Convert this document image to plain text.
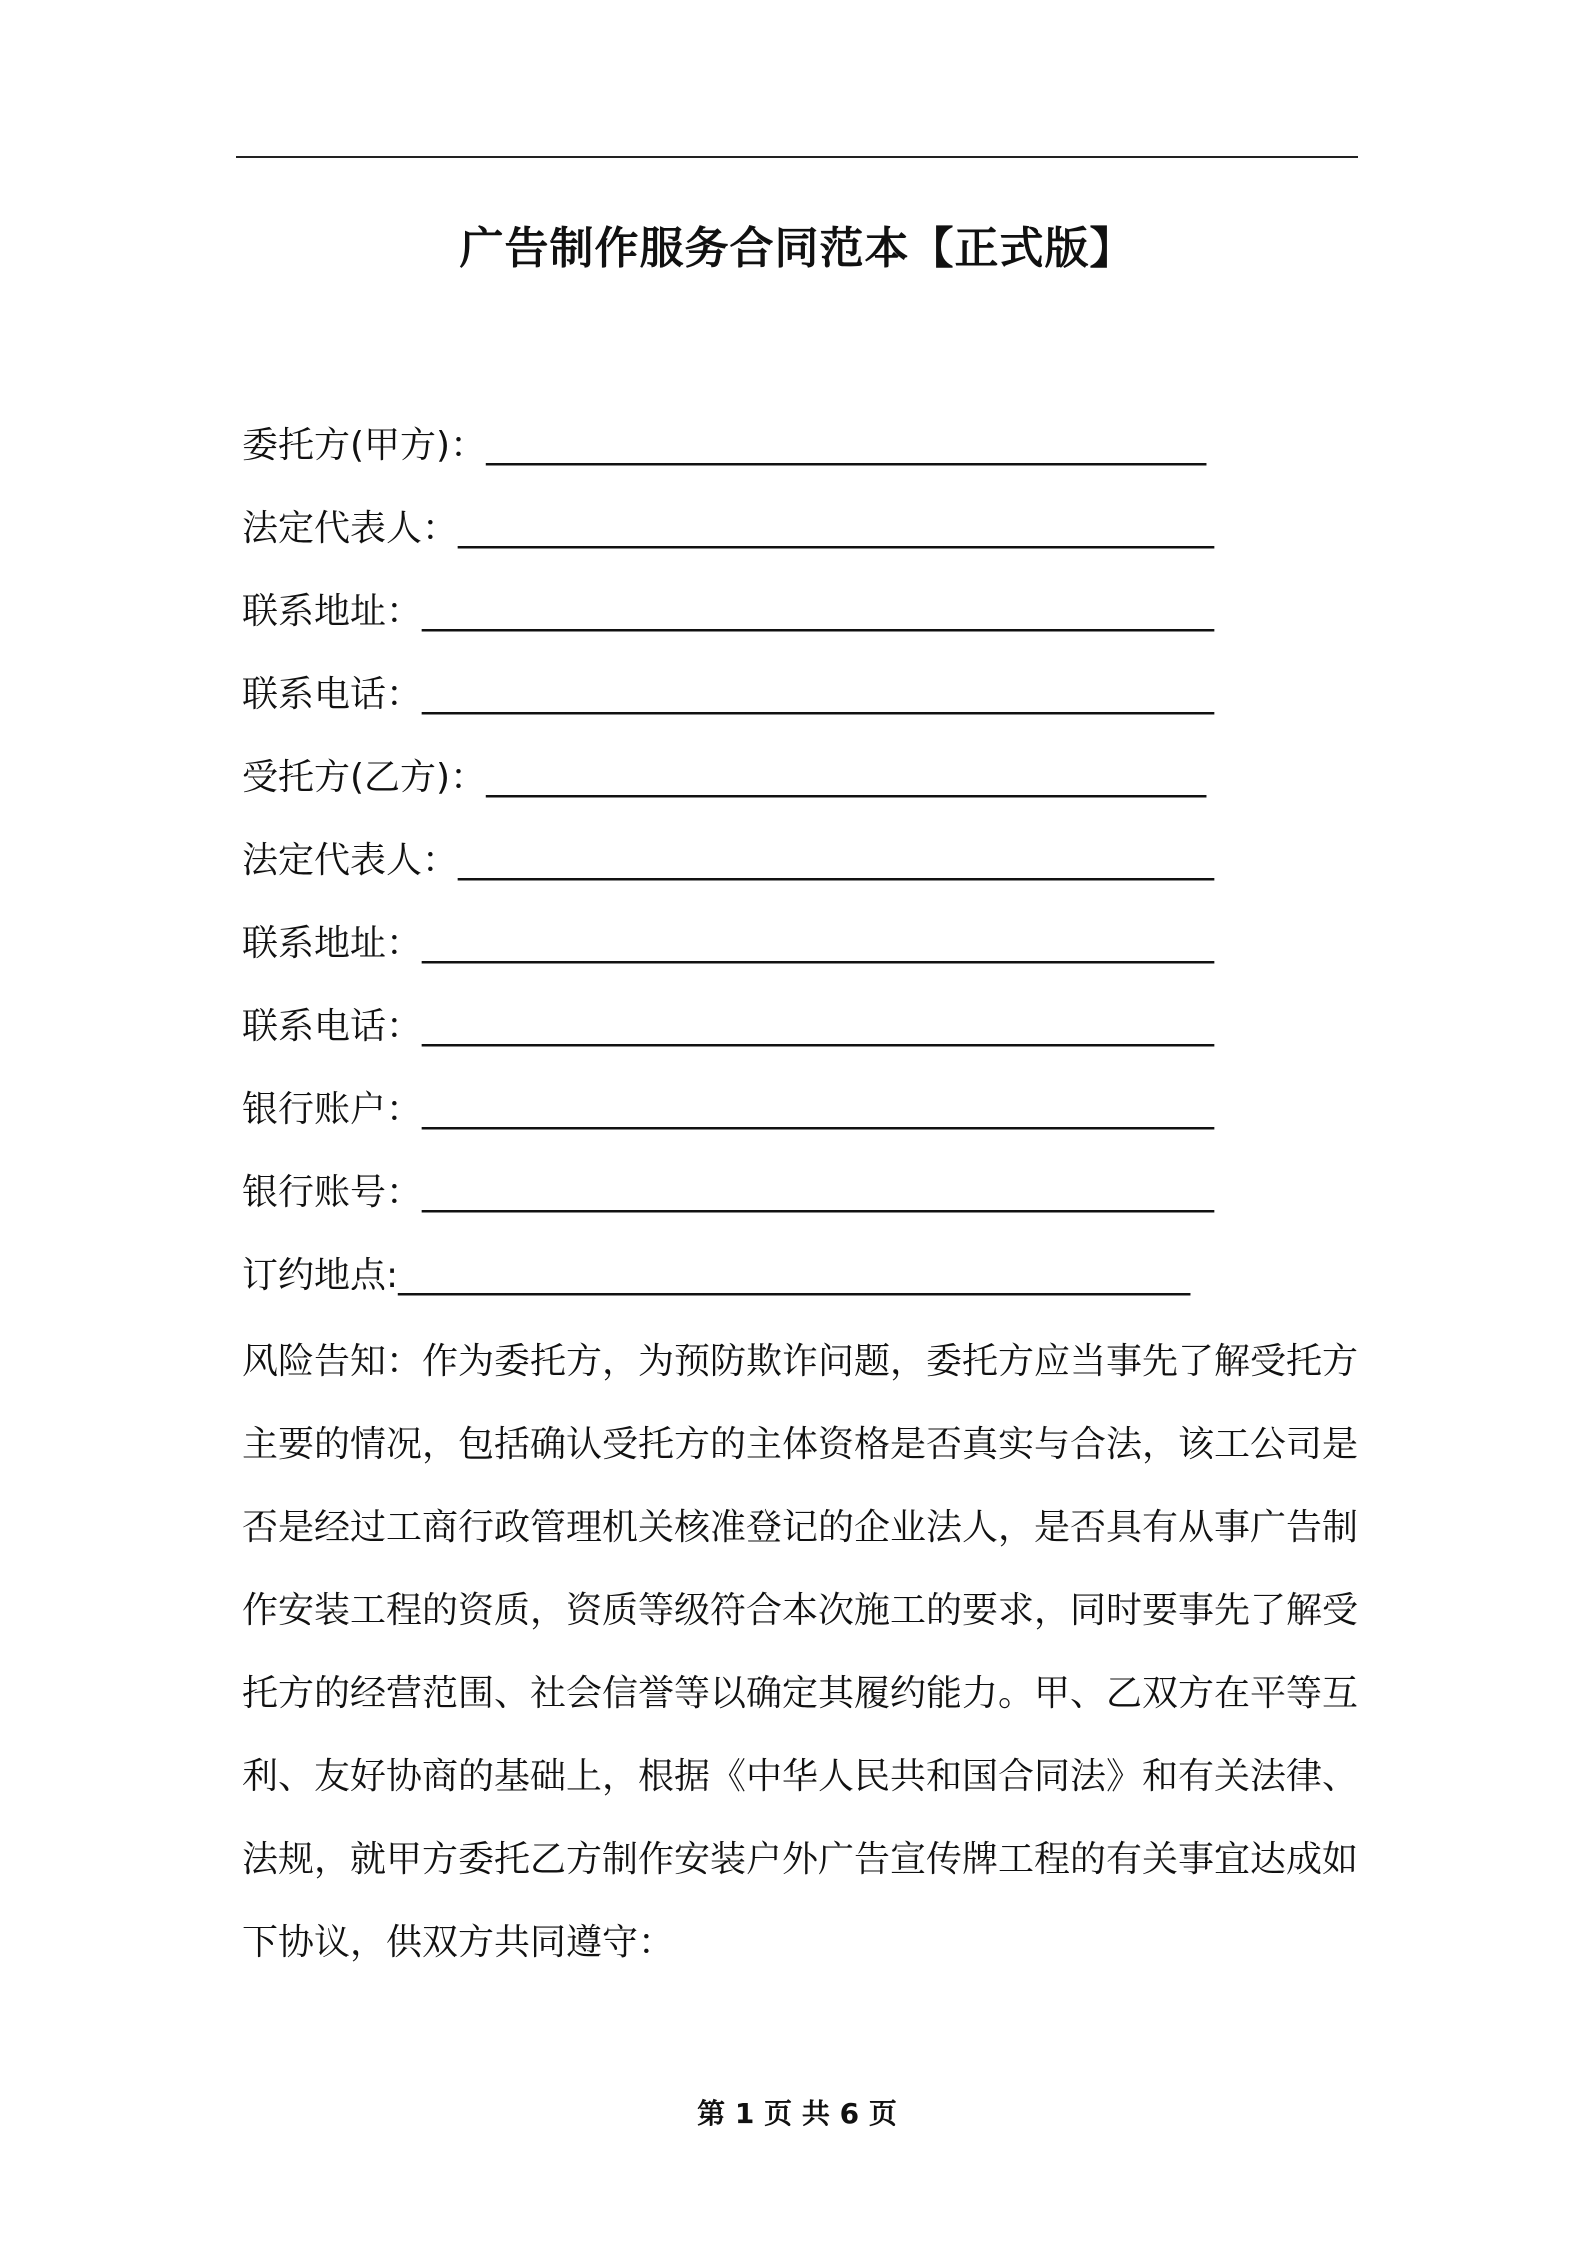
广告制作服务合同范本【正式版】
委托方(甲方)：________________________________________
法定代表人：__________________________________________
联系地址：____________________________________________
联系电话：____________________________________________
受托方(乙方)：________________________________________
法定代表人：__________________________________________
联系地址：____________________________________________
联系电话：____________________________________________
银行账户：____________________________________________
银行账号：____________________________________________
订约地点:____________________________________________
风险告知：作为委托方，为预防欺诈问题，委托方应当事先了解受托方主要的情况，包括确认受托方的主体资格是否真实与合法，该工公司是否是经过工商行政管理机关核准登记的企业法人，是否具有从事广告制作安装工程的资质，资质等级符合本次施工的要求，同时要事先了解受托方的经营范围、社会信誉等以确定其履约能力。甲、乙双方在平等互利、友好协商的基础上，根据《中华人民共和国合同法》和有关法律、法规，就甲方委托乙方制作安装户外广告宣传牌工程的有关事宜达成如下协议，供双方共同遵守：
第 1 页 共 6 页
